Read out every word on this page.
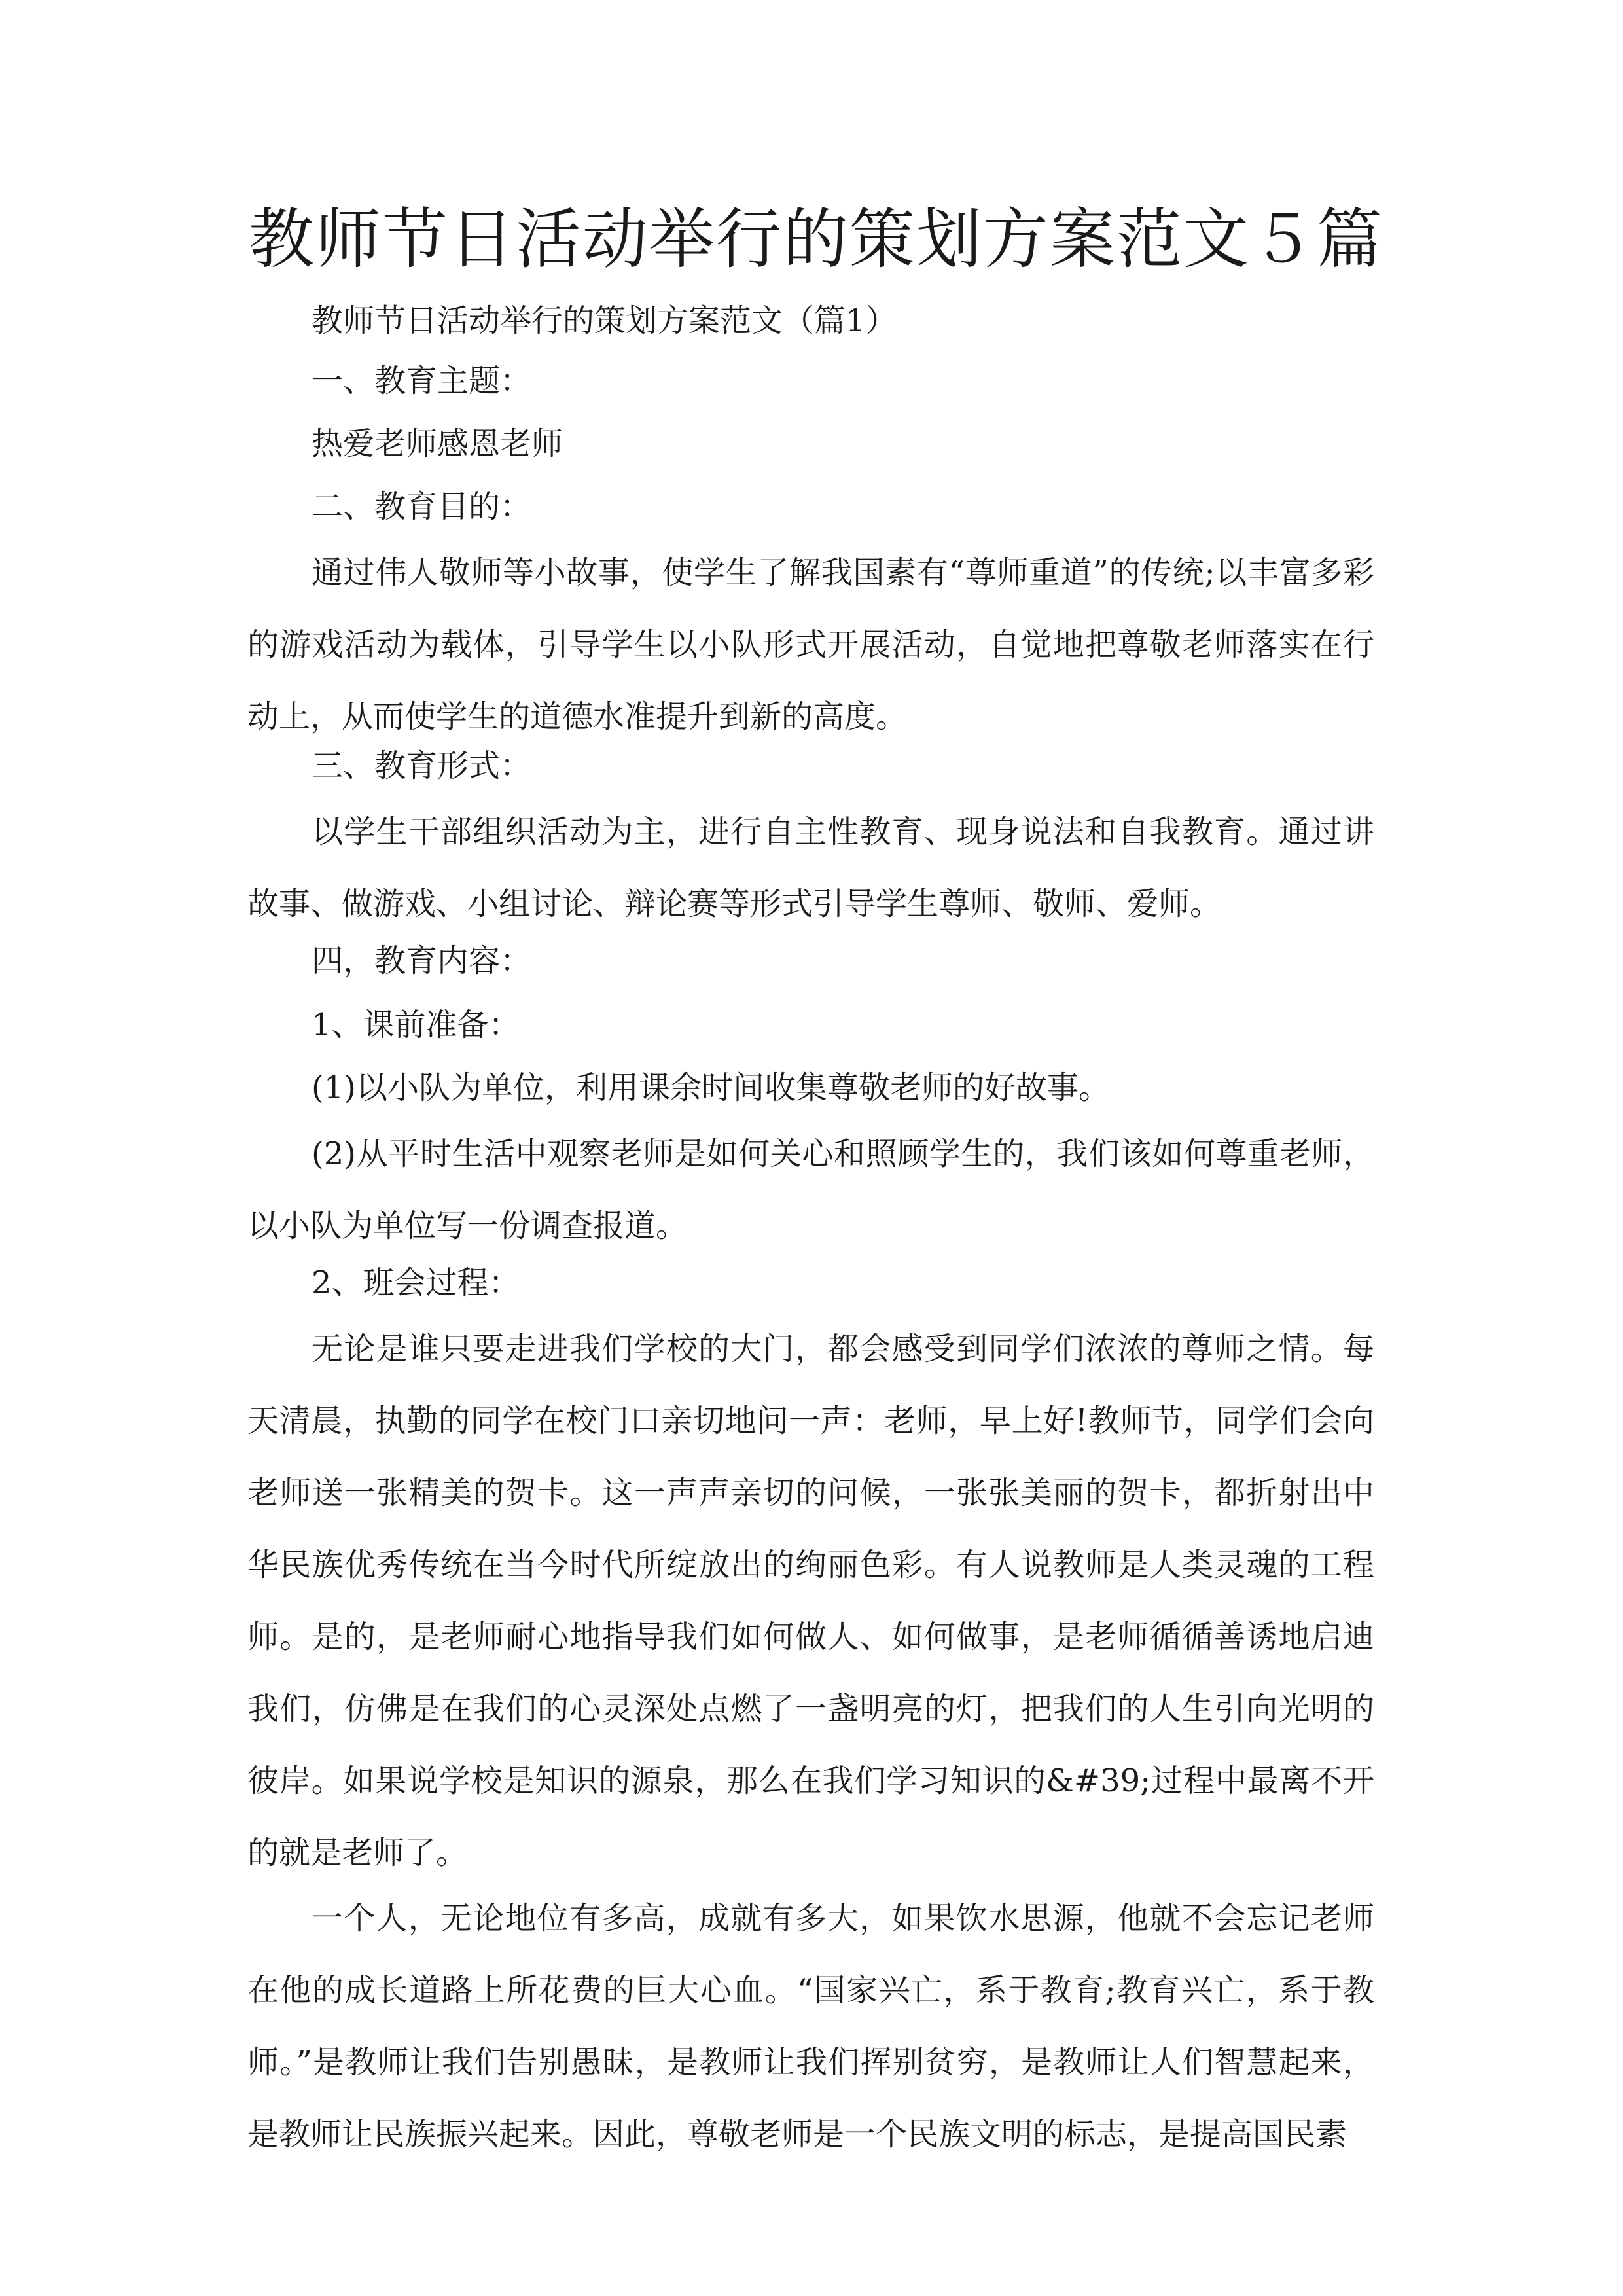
教师节日活动举行的策划方案范文５篇
教师节日活动举行的策划方案范文（篇1）
一、教育主题：
热爱老师感恩老师
二、教育目的：
通过伟人敬师等小故事，使学生了解我国素有“尊师重道”的传统;以丰富多彩的游戏活动为载体，引导学生以小队形式开展活动，自觉地把尊敬老师落实在行动上，从而使学生的道德水准提升到新的高度。
三、教育形式：
以学生干部组织活动为主，进行自主性教育、现身说法和自我教育。通过讲故事、做游戏、小组讨论、辩论赛等形式引导学生尊师、敬师、爱师。
四，教育内容：
1、课前准备：
(1)以小队为单位，利用课余时间收集尊敬老师的好故事。
(2)从平时生活中观察老师是如何关心和照顾学生的，我们该如何尊重老师，以小队为单位写一份调查报道。
2、班会过程：
无论是谁只要走进我们学校的大门，都会感受到同学们浓浓的尊师之情。每天清晨，执勤的同学在校门口亲切地问一声：老师，早上好!教师节，同学们会向老师送一张精美的贺卡。这一声声亲切的问候，一张张美丽的贺卡，都折射出中华民族优秀传统在当今时代所绽放出的绚丽色彩。有人说教师是人类灵魂的工程师。是的，是老师耐心地指导我们如何做人、如何做事，是老师循循善诱地启迪我们，仿佛是在我们的心灵深处点燃了一盏明亮的灯，把我们的人生引向光明的彼岸。如果说学校是知识的源泉，那么在我们学习知识的&#39;过程中最离不开的就是老师了。
一个人，无论地位有多高，成就有多大，如果饮水思源，他就不会忘记老师在他的成长道路上所花费的巨大心血。“国家兴亡，系于教育;教育兴亡，系于教师。”是教师让我们告别愚昧，是教师让我们挥别贫穷，是教师让人们智慧起来，是教师让民族振兴起来。因此，尊敬老师是一个民族文明的标志，是提高国民素
